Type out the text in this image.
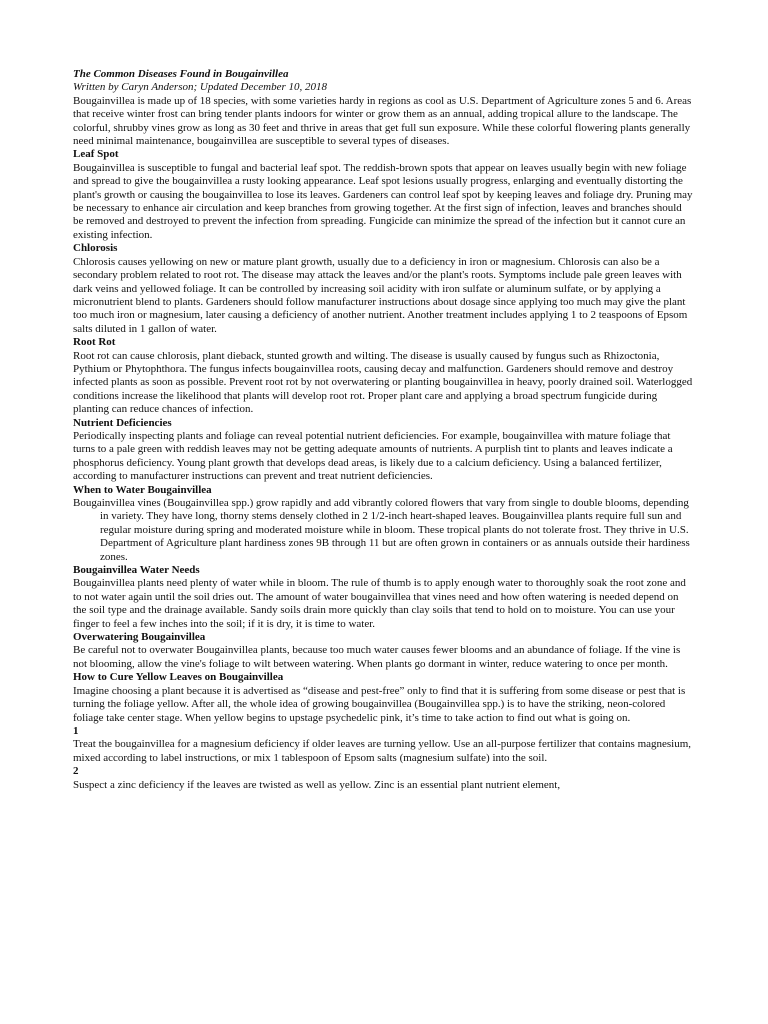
The Common Diseases Found in Bougainvillea

Written by Caryn Anderson; Updated December 10, 2018

Bougainvillea is made up of 18 species, with some varieties hardy in regions as cool as U.S. Department of Agriculture zones 5 and 6. Areas that receive winter frost can bring tender plants indoors for winter or grow them as an annual, adding tropical allure to the landscape. The colorful, shrubby vines grow as long as 30 feet and thrive in areas that get full sun exposure. While these colorful flowering plants generally need minimal maintenance, bougainvillea are susceptible to several types of diseases.

Leaf Spot

Bougainvillea is susceptible to fungal and bacterial leaf spot. The reddish-brown spots that appear on leaves usually begin with new foliage and spread to give the bougainvillea a rusty looking appearance. Leaf spot lesions usually progress, enlarging and eventually distorting the plant's growth or causing the bougainvillea to lose its leaves. Gardeners can control leaf spot by keeping leaves and foliage dry. Pruning may be necessary to enhance air circulation and keep branches from growing together. At the first sign of infection, leaves and branches should be removed and destroyed to prevent the infection from spreading. Fungicide can minimize the spread of the infection but it cannot cure an existing infection.

Chlorosis

Chlorosis causes yellowing on new or mature plant growth, usually due to a deficiency in iron or magnesium. Chlorosis can also be a secondary problem related to root rot. The disease may attack the leaves and/or the plant's roots. Symptoms include pale green leaves with dark veins and yellowed foliage. It can be controlled by increasing soil acidity with iron sulfate or aluminum sulfate, or by applying a micronutrient blend to plants. Gardeners should follow manufacturer instructions about dosage since applying too much may give the plant too much iron or magnesium, later causing a deficiency of another nutrient. Another treatment includes applying 1 to 2 teaspoons of Epsom salts diluted in 1 gallon of water.

Root Rot

Root rot can cause chlorosis, plant dieback, stunted growth and wilting. The disease is usually caused by fungus such as Rhizoctonia, Pythium or Phytophthora. The fungus infects bougainvillea roots, causing decay and malfunction. Gardeners should remove and destroy infected plants as soon as possible. Prevent root rot by not overwatering or planting bougainvillea in heavy, poorly drained soil. Waterlogged conditions increase the likelihood that plants will develop root rot. Proper plant care and applying a broad spectrum fungicide during planting can reduce chances of infection.

Nutrient Deficiencies

Periodically inspecting plants and foliage can reveal potential nutrient deficiencies. For example, bougainvillea with mature foliage that turns to a pale green with reddish leaves may not be getting adequate amounts of nutrients. A purplish tint to plants and leaves indicate a phosphorus deficiency. Young plant growth that develops dead areas, is likely due to a calcium deficiency. Using a balanced fertilizer, according to manufacturer instructions can prevent and treat nutrient deficiencies.

When to Water Bougainvillea

Bougainvillea vines (Bougainvillea spp.) grow rapidly and add vibrantly colored flowers that vary from single to double blooms, depending in variety. They have long, thorny stems densely clothed in 2 1/2-inch heart-shaped leaves. Bougainvillea plants require full sun and regular moisture during spring and moderated moisture while in bloom. These tropical plants do not tolerate frost. They thrive in U.S. Department of Agriculture plant hardiness zones 9B through 11 but are often grown in containers or as annuals outside their hardiness zones.

Bougainvillea Water Needs

Bougainvillea plants need plenty of water while in bloom. The rule of thumb is to apply enough water to thoroughly soak the root zone and to not water again until the soil dries out. The amount of water bougainvillea that vines need and how often watering is needed depend on the soil type and the drainage available. Sandy soils drain more quickly than clay soils that tend to hold on to moisture. You can use your finger to feel a few inches into the soil; if it is dry, it is time to water.

Overwatering Bougainvillea

Be careful not to overwater Bougainvillea plants, because too much water causes fewer blooms and an abundance of foliage. If the vine is not blooming, allow the vine's foliage to wilt between watering. When plants go dormant in winter, reduce watering to once per month.

How to Cure Yellow Leaves on Bougainvillea

Imagine choosing a plant because it is advertised as “disease and pest-free” only to find that it is suffering from some disease or pest that is turning the foliage yellow. After all, the whole idea of growing bougainvillea (Bougainvillea spp.) is to have the striking, neon-colored foliage take center stage. When yellow begins to upstage psychedelic pink, it’s time to take action to find out what is going on.

1

Treat the bougainvillea for a magnesium deficiency if older leaves are turning yellow. Use an all-purpose fertilizer that contains magnesium, mixed according to label instructions, or mix 1 tablespoon of Epsom salts (magnesium sulfate) into the soil.

2

Suspect a zinc deficiency if the leaves are twisted as well as yellow. Zinc is an essential plant nutrient element,
